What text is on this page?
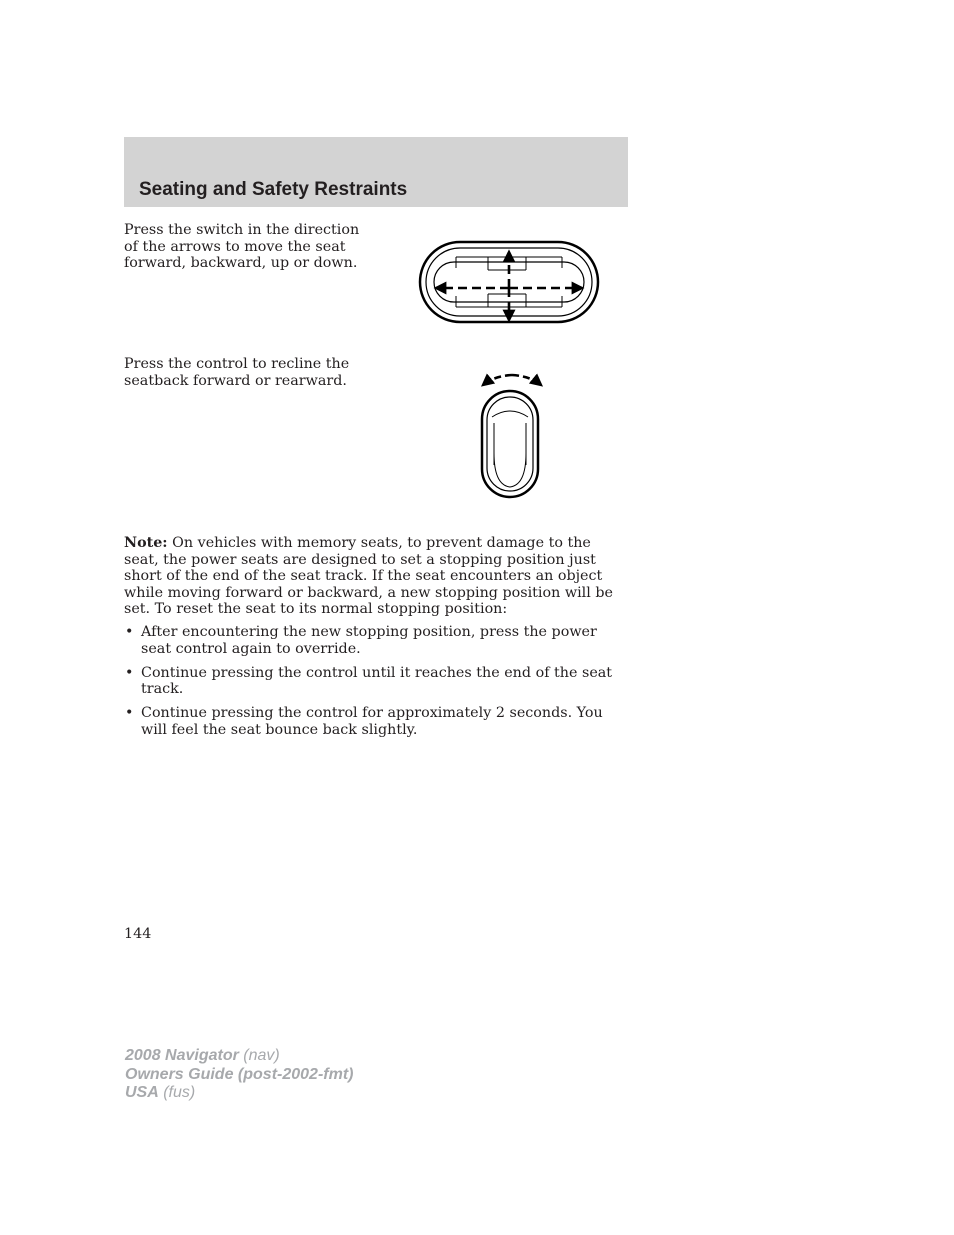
Seating and Safety Restraints

Press the switch in the direction of the arrows to move the seat forward, backward, up or down.

Press the control to recline the seatback forward or rearward.

Note: On vehicles with memory seats, to prevent damage to the seat, the power seats are designed to set a stopping position just short of the end of the seat track. If the seat encounters an object while moving forward or backward, a new stopping position will be set. To reset the seat to its normal stopping position:

• After encountering the new stopping position, press the power seat control again to override.
• Continue pressing the control until it reaches the end of the seat track.
• Continue pressing the control for approximately 2 seconds. You will feel the seat bounce back slightly.

144

2008 Navigator (nav)
Owners Guide (post-2002-fmt)
USA (fus)
